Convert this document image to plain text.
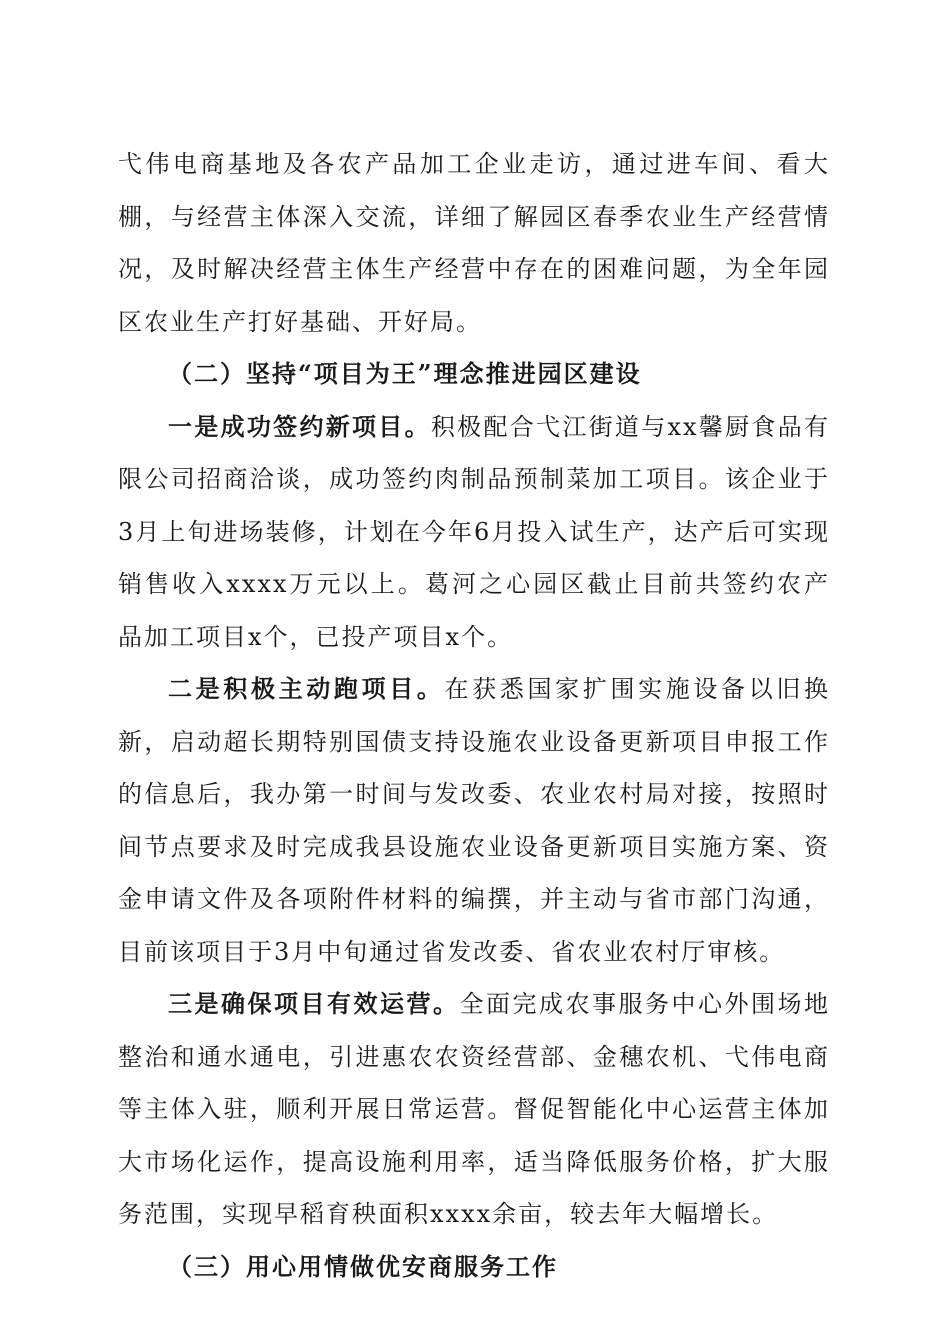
弋伟电商基地及各农产品加工企业走访，通过进车间、看大棚，与经营主体深入交流，详细了解园区春季农业生产经营情况，及时解决经营主体生产经营中存在的困难问题，为全年园区农业生产打好基础、开好局。

（二）坚持“项目为王”理念推进园区建设

一是成功签约新项目。积极配合弋江街道与xx馨厨食品有限公司招商洽谈，成功签约肉制品预制菜加工项目。该企业于3月上旬进场装修，计划在今年6月投入试生产，达产后可实现销售收入xxxx万元以上。葛河之心园区截止目前共签约农产品加工项目x个，已投产项目x个。

二是积极主动跑项目。在获悉国家扩围实施设备以旧换新，启动超长期特别国债支持设施农业设备更新项目申报工作的信息后，我办第一时间与发改委、农业农村局对接，按照时间节点要求及时完成我县设施农业设备更新项目实施方案、资金申请文件及各项附件材料的编撰，并主动与省市部门沟通，目前该项目于3月中旬通过省发改委、省农业农村厅审核。

三是确保项目有效运营。全面完成农事服务中心外围场地整治和通水通电，引进惠农农资经营部、金穗农机、弋伟电商等主体入驻，顺利开展日常运营。督促智能化中心运营主体加大市场化运作，提高设施利用率，适当降低服务价格，扩大服务范围，实现早稻育秧面积xxxx余亩，较去年大幅增长。

（三）用心用情做优安商服务工作
